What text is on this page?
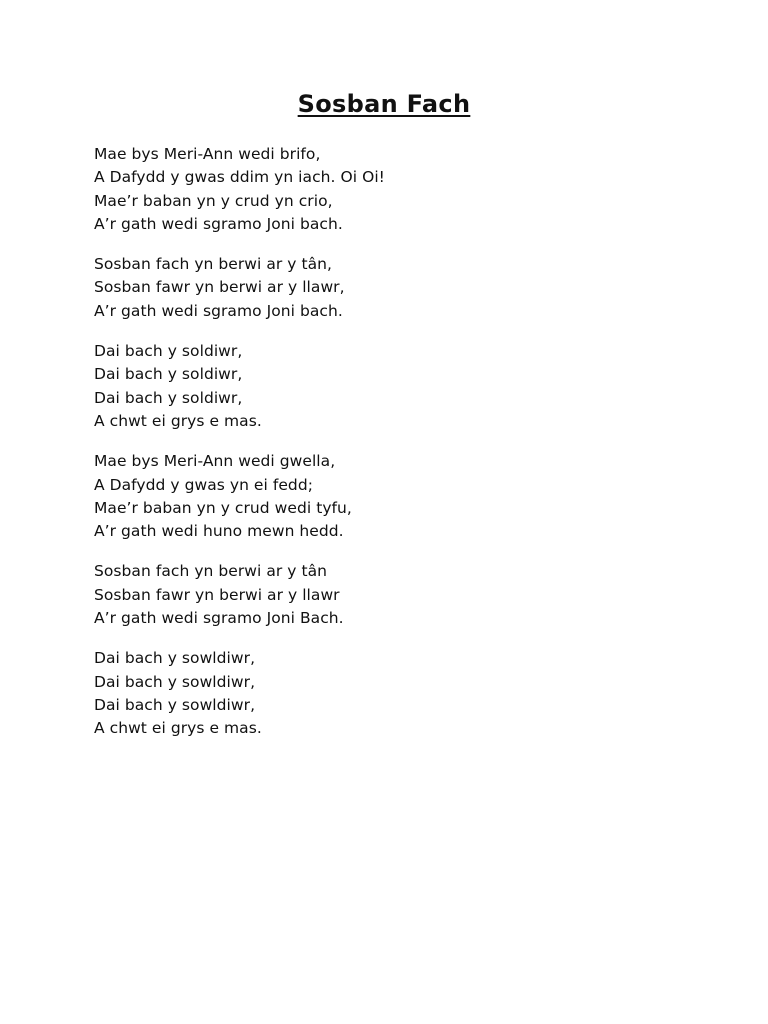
Sosban Fach
Mae bys Meri-Ann wedi brifo,
A Dafydd y gwas ddim yn iach. Oi Oi!
Mae’r baban yn y crud yn crio,
A’r gath wedi sgramo Joni bach.
Sosban fach yn berwi ar y tân,
Sosban fawr yn berwi ar y llawr,
A’r gath wedi sgramo Joni bach.
Dai bach y soldiwr,
Dai bach y soldiwr,
Dai bach y soldiwr,
A chwt ei grys e mas.
Mae bys Meri-Ann wedi gwella,
A Dafydd y gwas yn ei fedd;
Mae’r baban yn y crud wedi tyfu,
A’r gath wedi huno mewn hedd.
Sosban fach yn berwi ar y tân
Sosban fawr yn berwi ar y llawr
A’r gath wedi sgramo Joni Bach.
Dai bach y sowldiwr,
Dai bach y sowldiwr,
Dai bach y sowldiwr,
A chwt ei grys e mas.
